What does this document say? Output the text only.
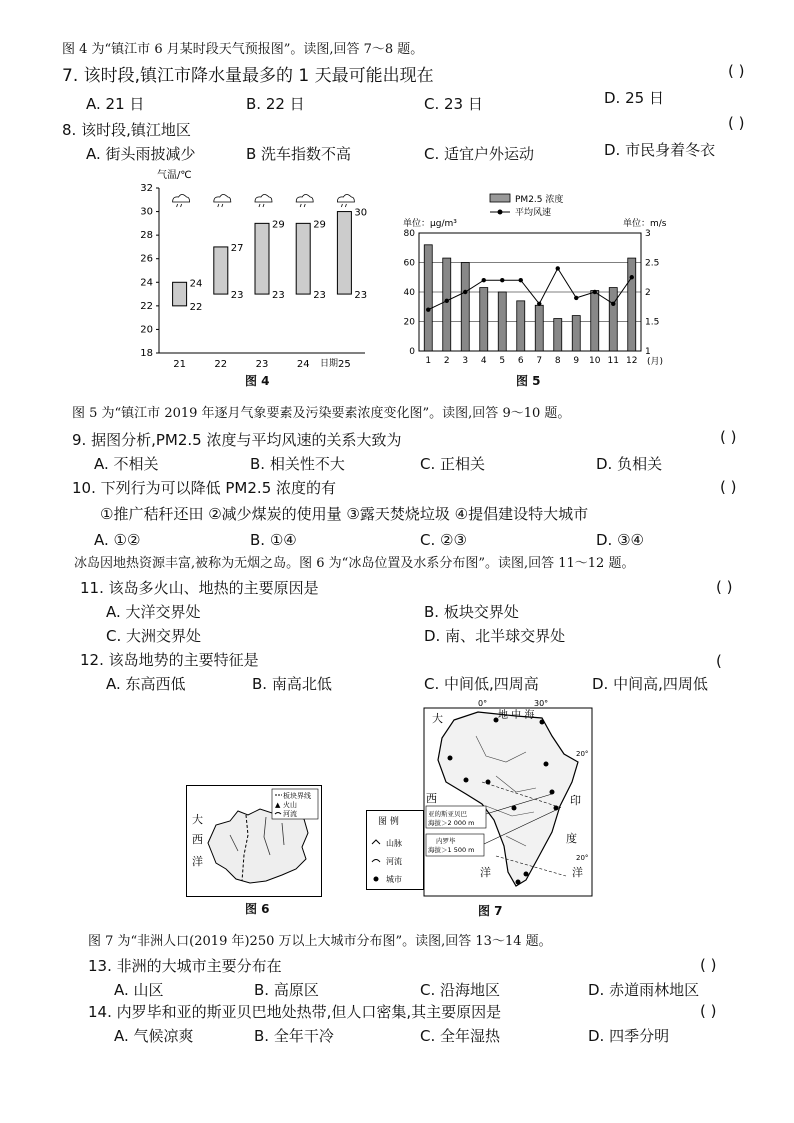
图 4 为“镇江市 6 月某时段天气预报图”。读图,回答 7～8 题。
7. 该时段,镇江市降水量最多的 1 天最可能出现在	( )
A. 21 日	B. 22 日	C. 23 日	D. 25 日
8. 该时段,镇江地区	( )
A. 街头雨披减少	B 洗车指数不高	C. 适宜户外运动	D. 市民身着冬衣
气温/℃
32
30
28
26
24
22
20
18
24
22
21
27
23
22
29
23
23
29
23
24
30
23
25
日期
图 4
PM2.5 浓度
平均风速
单位：μg/m³	单位：m/s
80
60
40
20
0
3
2.5
2
1.5
1
1 2 3 4 5 6 7 8 9 10 11 12 (月)
图 5
图 5 为“镇江市 2019 年逐月气象要素及污染要素浓度变化图”。读图,回答 9～10 题。
9. 据图分析,PM2.5 浓度与平均风速的关系大致为	( )
A. 不相关	B. 相关性不大	C. 正相关	D. 负相关
10. 下列行为可以降低 PM2.5 浓度的有	( )
①推广秸秆还田 ②减少煤炭的使用量 ③露天焚烧垃圾 ④提倡建设特大城市
A. ①②	B. ①④	C. ②③	D. ③④
冰岛因地热资源丰富,被称为无烟之岛。图 6 为“冰岛位置及水系分布图”。读图,回答 11～12 题。
11. 该岛多火山、地热的主要原因是	( )
A. 大洋交界处	B. 板块交界处
C. 大洲交界处	D. 南、北半球交界处
12. 该岛地势的主要特征是	(
A. 东高西低	B. 南高北低	C. 中间低,四周高	D. 中间高,四周低
板块界线
▲ 火山
河流
大
西
洋
图 6
0°	30°
大	地 中 海
西
洋
印
度
洋
20°
20°
亚的斯亚贝巴
海拔＞2 000 m
内罗毕
海拔＞1 500 m
图 例
山脉
河流
城市
图 7
图 7 为“非洲人口(2019 年)250 万以上大城市分布图”。读图,回答 13～14 题。
13. 非洲的大城市主要分布在	( )
A. 山区	B. 高原区	C. 沿海地区	D. 赤道雨林地区
14. 内罗毕和亚的斯亚贝巴地处热带,但人口密集,其主要原因是	( )
A. 气候凉爽	B. 全年干冷	C. 全年湿热	D. 四季分明
